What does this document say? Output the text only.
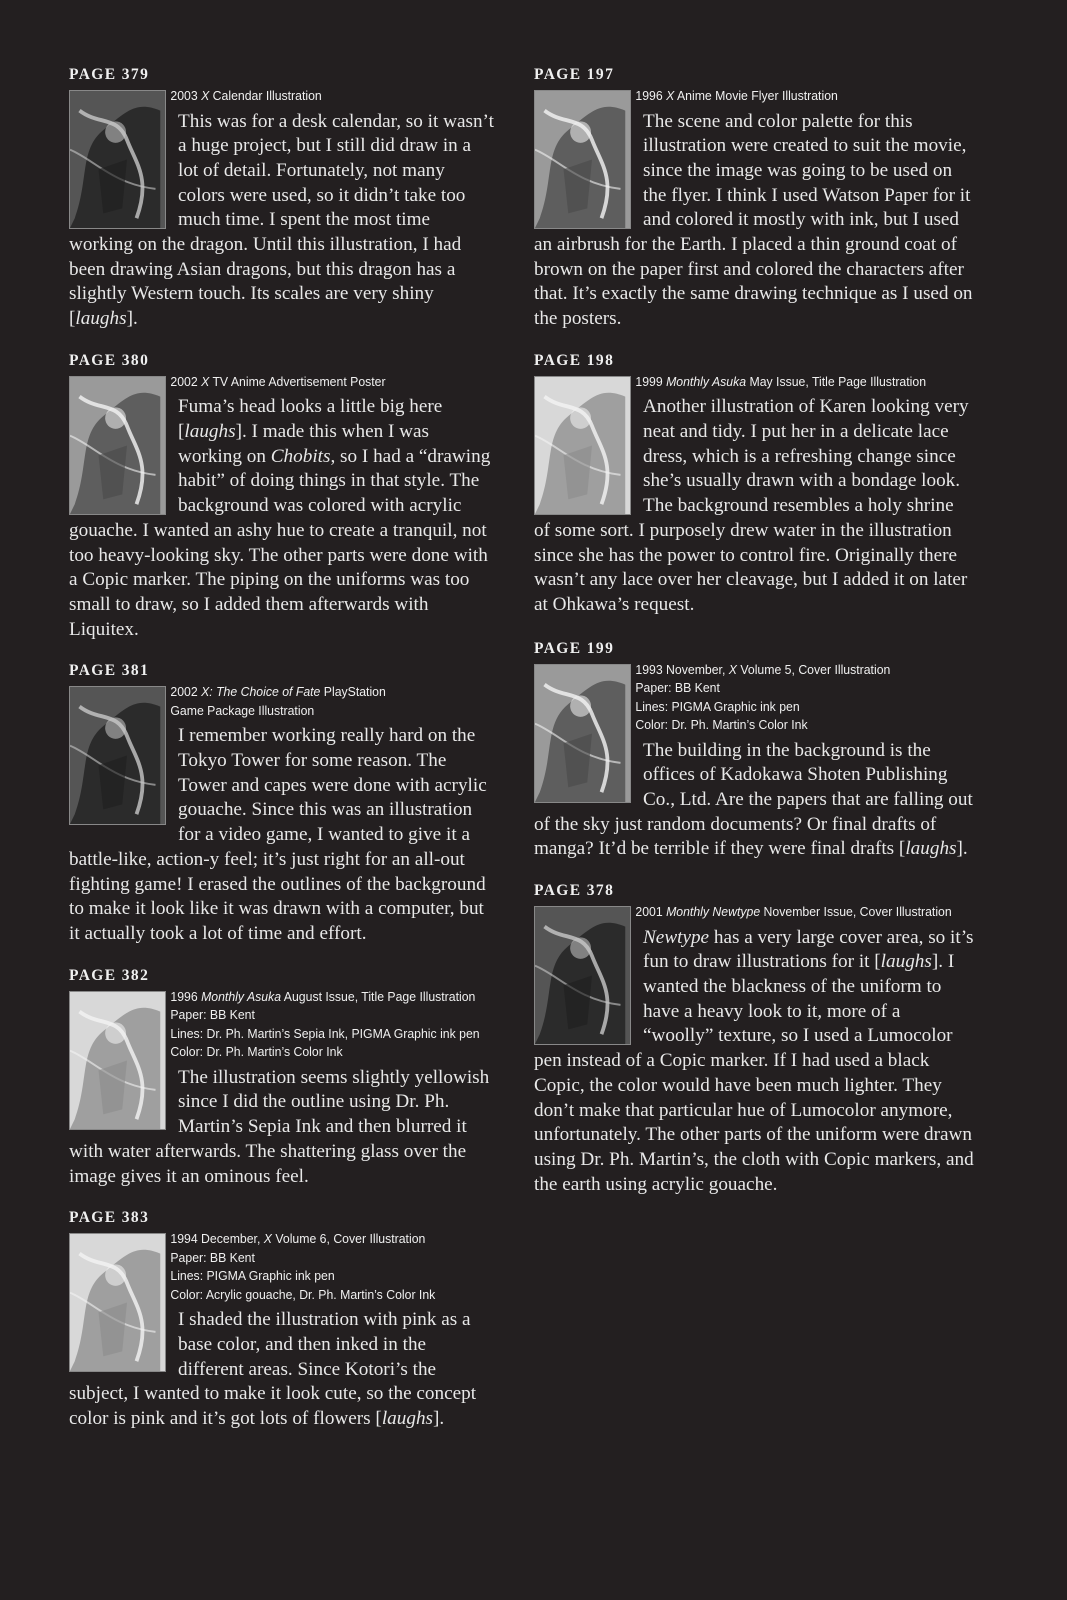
PAGE 379
2003 X Calendar Illustration

This was for a desk calendar, so it wasn’t a huge project, but I still did draw in a lot of detail. Fortunately, not many colors were used, so it didn’t take too much time. I spent the most time working on the dragon. Until this illustration, I had been drawing Asian dragons, but this dragon has a slightly Western touch. Its scales are very shiny [laughs].

PAGE 380
2002 X TV Anime Advertisement Poster

Fuma’s head looks a little big here [laughs]. I made this when I was working on Chobits, so I had a “drawing habit” of doing things in that style. The background was colored with acrylic gouache. I wanted an ashy hue to create a tranquil, not too heavy-looking sky. The other parts were done with a Copic marker. The piping on the uniforms was too small to draw, so I added them afterwards with Liquitex.

PAGE 381
2002 X: The Choice of Fate PlayStation
Game Package Illustration

I remember working really hard on the Tokyo Tower for some reason. The Tower and capes were done with acrylic gouache. Since this was an illustration for a video game, I wanted to give it a battle-like, action-y feel; it’s just right for an all-out fighting game! I erased the outlines of the background to make it look like it was drawn with a computer, but it actually took a lot of time and effort.

PAGE 382
1996 Monthly Asuka August Issue, Title Page Illustration
Paper: BB Kent
Lines: Dr. Ph. Martin’s Sepia Ink, PIGMA Graphic ink pen
Color: Dr. Ph. Martin’s Color Ink

The illustration seems slightly yellowish since I did the outline using Dr. Ph. Martin’s Sepia Ink and then blurred it with water afterwards. The shattering glass over the image gives it an ominous feel.

PAGE 383
1994 December, X Volume 6, Cover Illustration
Paper: BB Kent
Lines: PIGMA Graphic ink pen
Color: Acrylic gouache, Dr. Ph. Martin’s Color Ink

I shaded the illustration with pink as a base color, and then inked in the different areas. Since Kotori’s the subject, I wanted to make it look cute, so the concept color is pink and it’s got lots of flowers [laughs].

PAGE 197
1996 X Anime Movie Flyer Illustration

The scene and color palette for this illustration were created to suit the movie, since the image was going to be used on the flyer. I think I used Watson Paper for it and colored it mostly with ink, but I used an airbrush for the Earth. I placed a thin ground coat of brown on the paper first and colored the characters after that. It’s exactly the same drawing technique as I used on the posters.

PAGE 198
1999 Monthly Asuka May Issue, Title Page Illustration

Another illustration of Karen looking very neat and tidy. I put her in a delicate lace dress, which is a refreshing change since she’s usually drawn with a bondage look. The background resembles a holy shrine of some sort. I purposely drew water in the illustration since she has the power to control fire. Originally there wasn’t any lace over her cleavage, but I added it on later at Ohkawa’s request.

PAGE 199
1993 November, X Volume 5, Cover Illustration
Paper: BB Kent
Lines: PIGMA Graphic ink pen
Color: Dr. Ph. Martin’s Color Ink

The building in the background is the offices of Kadokawa Shoten Publishing Co., Ltd. Are the papers that are falling out of the sky just random documents? Or final drafts of manga? It’d be terrible if they were final drafts [laughs].

PAGE 378
2001 Monthly Newtype November Issue, Cover Illustration

Newtype has a very large cover area, so it’s fun to draw illustrations for it [laughs]. I wanted the blackness of the uniform to have a heavy look to it, more of a “woolly” texture, so I used a Lumocolor pen instead of a Copic marker. If I had used a black Copic, the color would have been much lighter. They don’t make that particular hue of Lumocolor anymore, unfortunately. The other parts of the uniform were drawn using Dr. Ph. Martin’s, the cloth with Copic markers, and the earth using acrylic gouache.
